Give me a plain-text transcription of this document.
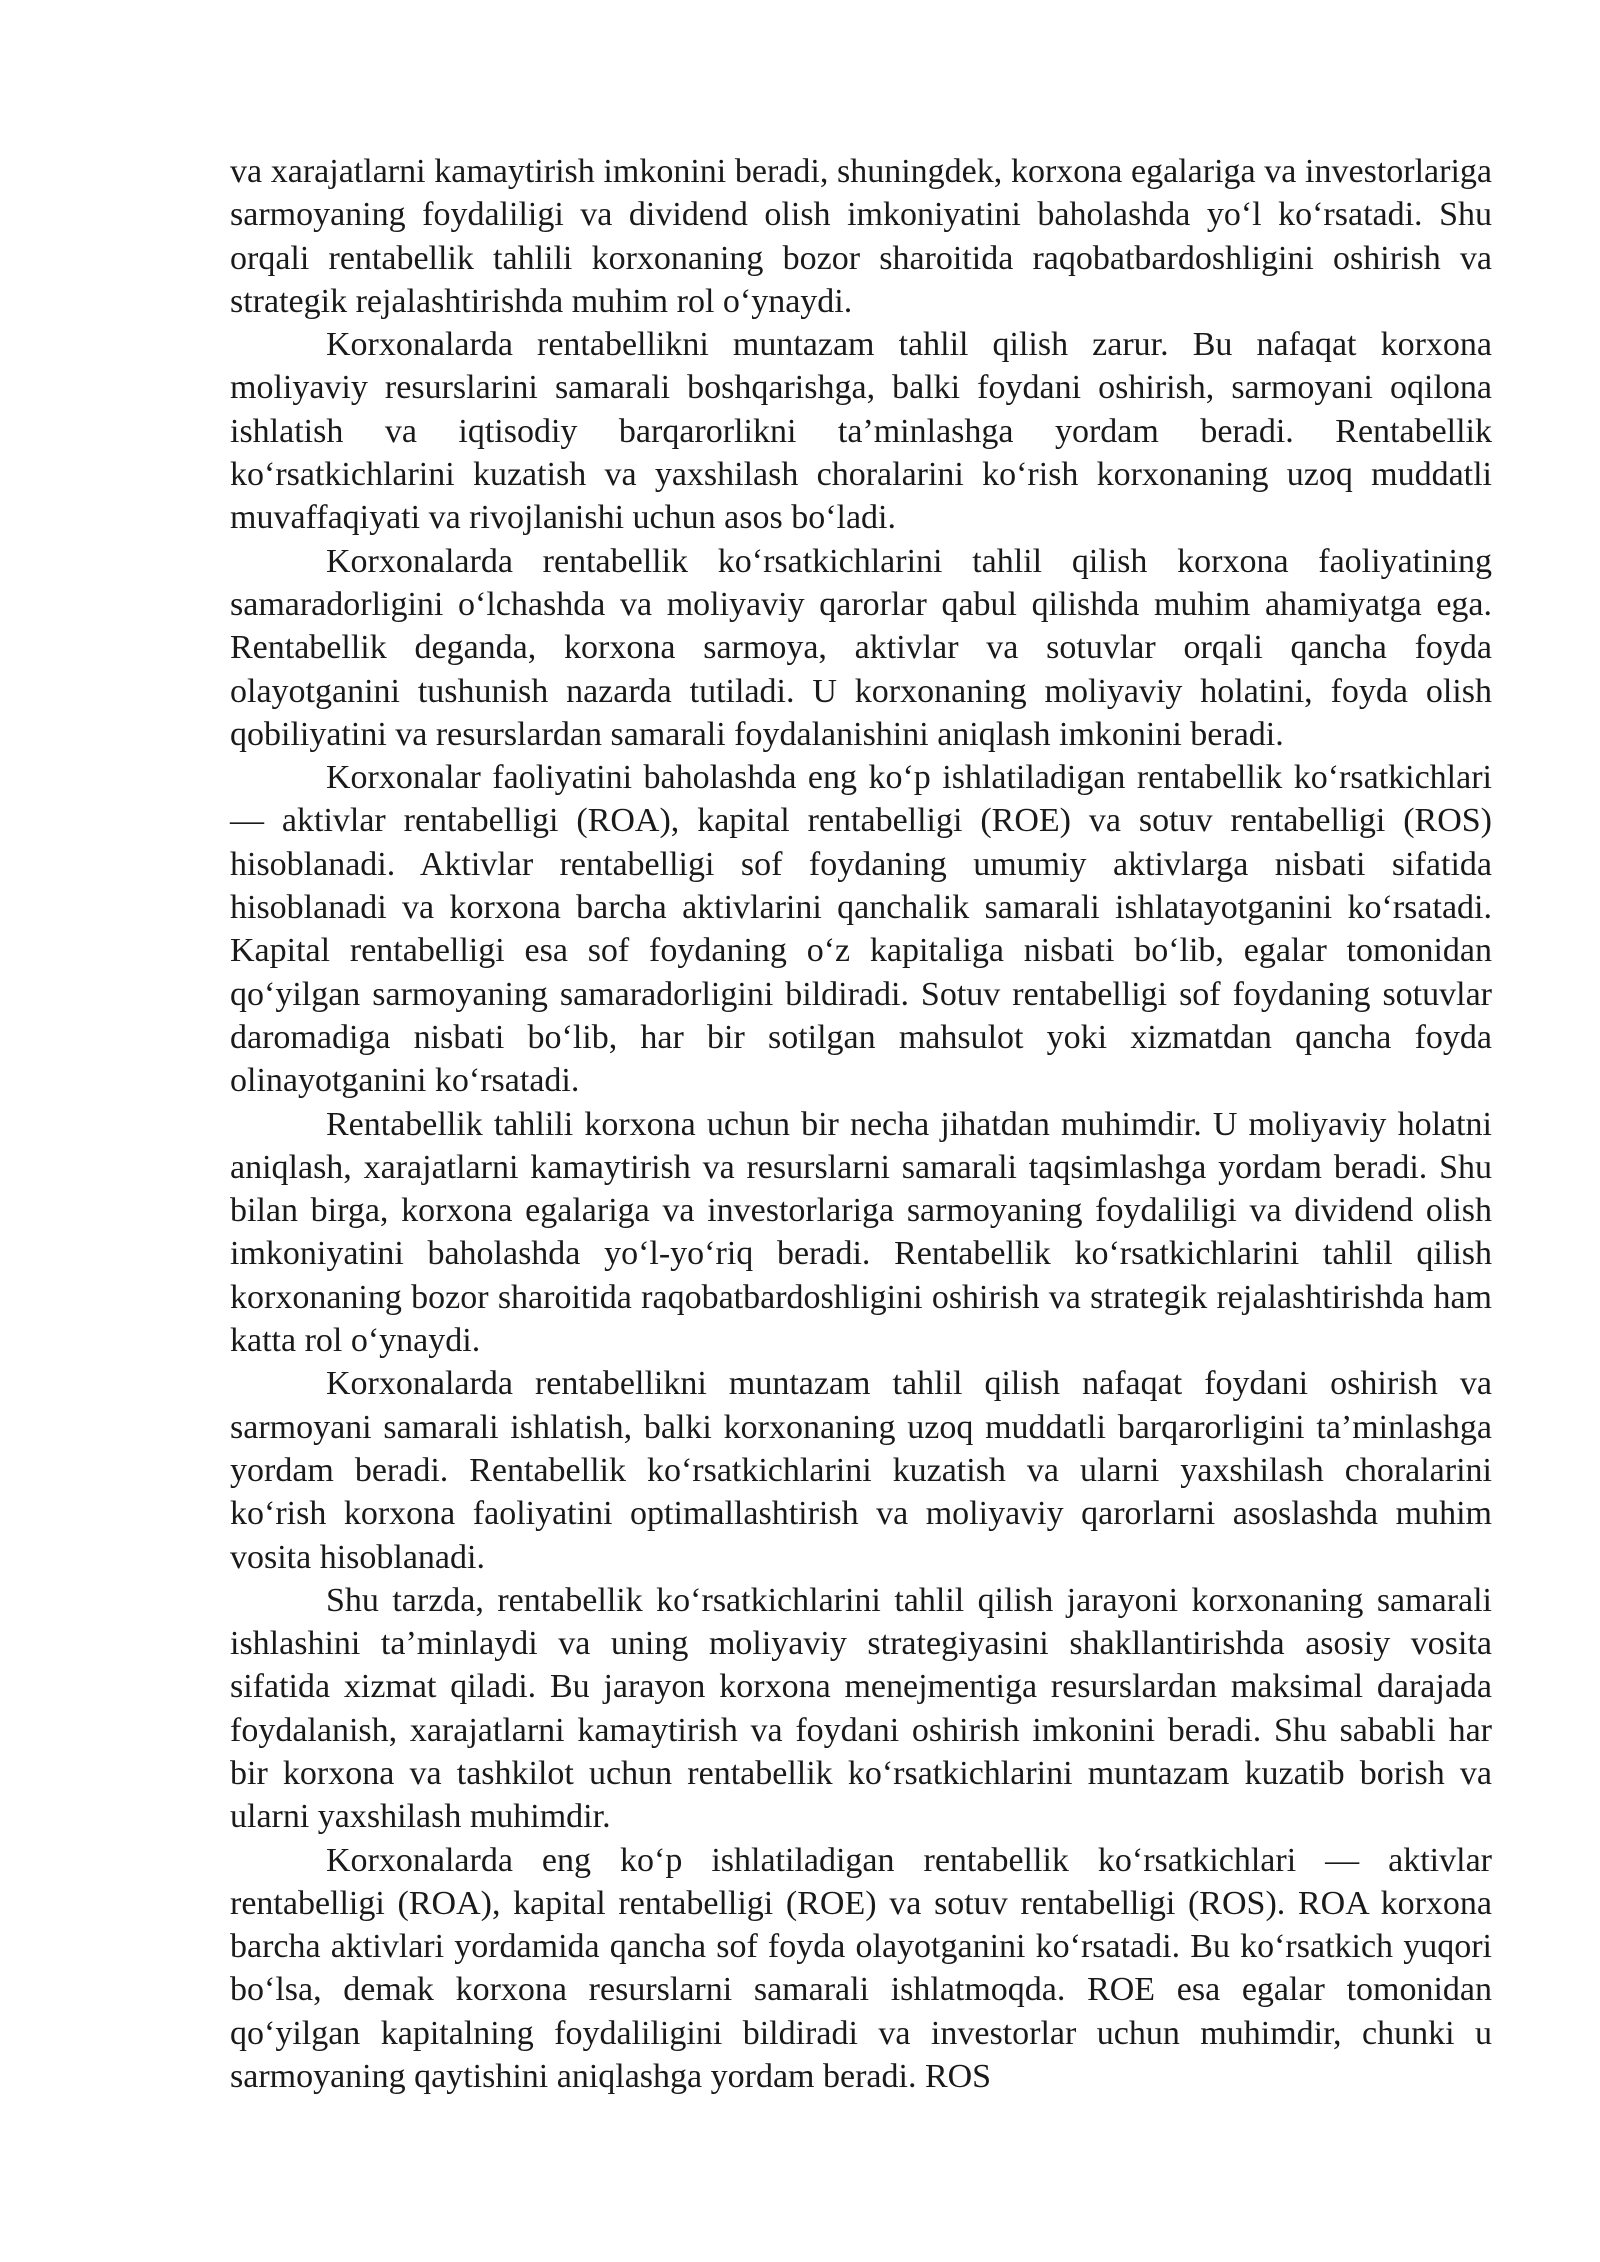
va xarajatlarni kamaytirish imkonini beradi, shuningdek, korxona egalariga va investorlariga sarmoyaning foydaliligi va dividend olish imkoniyatini baholashda yo‘l ko‘rsatadi. Shu orqali rentabellik tahlili korxonaning bozor sharoitida raqobatbardoshligini oshirish va strategik rejalashtirishda muhim rol o‘ynaydi.

Korxonalarda rentabellikni muntazam tahlil qilish zarur. Bu nafaqat korxona moliyaviy resurslarini samarali boshqarishga, balki foydani oshirish, sarmoyani oqilona ishlatish va iqtisodiy barqarorlikni ta’minlashga yordam beradi. Rentabellik ko‘rsatkichlarini kuzatish va yaxshilash choralarini ko‘rish korxonaning uzoq muddatli muvaffaqiyati va rivojlanishi uchun asos bo‘ladi.

Korxonalarda rentabellik ko‘rsatkichlarini tahlil qilish korxona faoliyatining samaradorligini o‘lchashda va moliyaviy qarorlar qabul qilishda muhim ahamiyatga ega. Rentabellik deganda, korxona sarmoya, aktivlar va sotuvlar orqali qancha foyda olayotganini tushunish nazarda tutiladi. U korxonaning moliyaviy holatini, foyda olish qobiliyatini va resurslardan samarali foydalanishini aniqlash imkonini beradi.

Korxonalar faoliyatini baholashda eng ko‘p ishlatiladigan rentabellik ko‘rsatkichlari — aktivlar rentabelligi (ROA), kapital rentabelligi (ROE) va sotuv rentabelligi (ROS) hisoblanadi. Aktivlar rentabelligi sof foydaning umumiy aktivlarga nisbati sifatida hisoblanadi va korxona barcha aktivlarini qanchalik samarali ishlatayotganini ko‘rsatadi. Kapital rentabelligi esa sof foydaning o‘z kapitaliga nisbati bo‘lib, egalar tomonidan qo‘yilgan sarmoyaning samaradorligini bildiradi. Sotuv rentabelligi sof foydaning sotuvlar daromadiga nisbati bo‘lib, har bir sotilgan mahsulot yoki xizmatdan qancha foyda olinayotganini ko‘rsatadi.

Rentabellik tahlili korxona uchun bir necha jihatdan muhimdir. U moliyaviy holatni aniqlash, xarajatlarni kamaytirish va resurslarni samarali taqsimlashga yordam beradi. Shu bilan birga, korxona egalariga va investorlariga sarmoyaning foydaliligi va dividend olish imkoniyatini baholashda yo‘l-yo‘riq beradi. Rentabellik ko‘rsatkichlarini tahlil qilish korxonaning bozor sharoitida raqobatbardoshligini oshirish va strategik rejalashtirishda ham katta rol o‘ynaydi.

Korxonalarda rentabellikni muntazam tahlil qilish nafaqat foydani oshirish va sarmoyani samarali ishlatish, balki korxonaning uzoq muddatli barqarorligini ta’minlashga yordam beradi. Rentabellik ko‘rsatkichlarini kuzatish va ularni yaxshilash choralarini ko‘rish korxona faoliyatini optimallashtirish va moliyaviy qarorlarni asoslashda muhim vosita hisoblanadi.

Shu tarzda, rentabellik ko‘rsatkichlarini tahlil qilish jarayoni korxonaning samarali ishlashini ta’minlaydi va uning moliyaviy strategiyasini shakllantirishda asosiy vosita sifatida xizmat qiladi. Bu jarayon korxona menejmentiga resurslardan maksimal darajada foydalanish, xarajatlarni kamaytirish va foydani oshirish imkonini beradi. Shu sababli har bir korxona va tashkilot uchun rentabellik ko‘rsatkichlarini muntazam kuzatib borish va ularni yaxshilash muhimdir.

Korxonalarda eng ko‘p ishlatiladigan rentabellik ko‘rsatkichlari — aktivlar rentabelligi (ROA), kapital rentabelligi (ROE) va sotuv rentabelligi (ROS). ROA korxona barcha aktivlari yordamida qancha sof foyda olayotganini ko‘rsatadi. Bu ko‘rsatkich yuqori bo‘lsa, demak korxona resurslarni samarali ishlatmoqda. ROE esa egalar tomonidan qo‘yilgan kapitalning foydaliligini bildiradi va investorlar uchun muhimdir, chunki u sarmoyaning qaytishini aniqlashga yordam beradi. ROS
